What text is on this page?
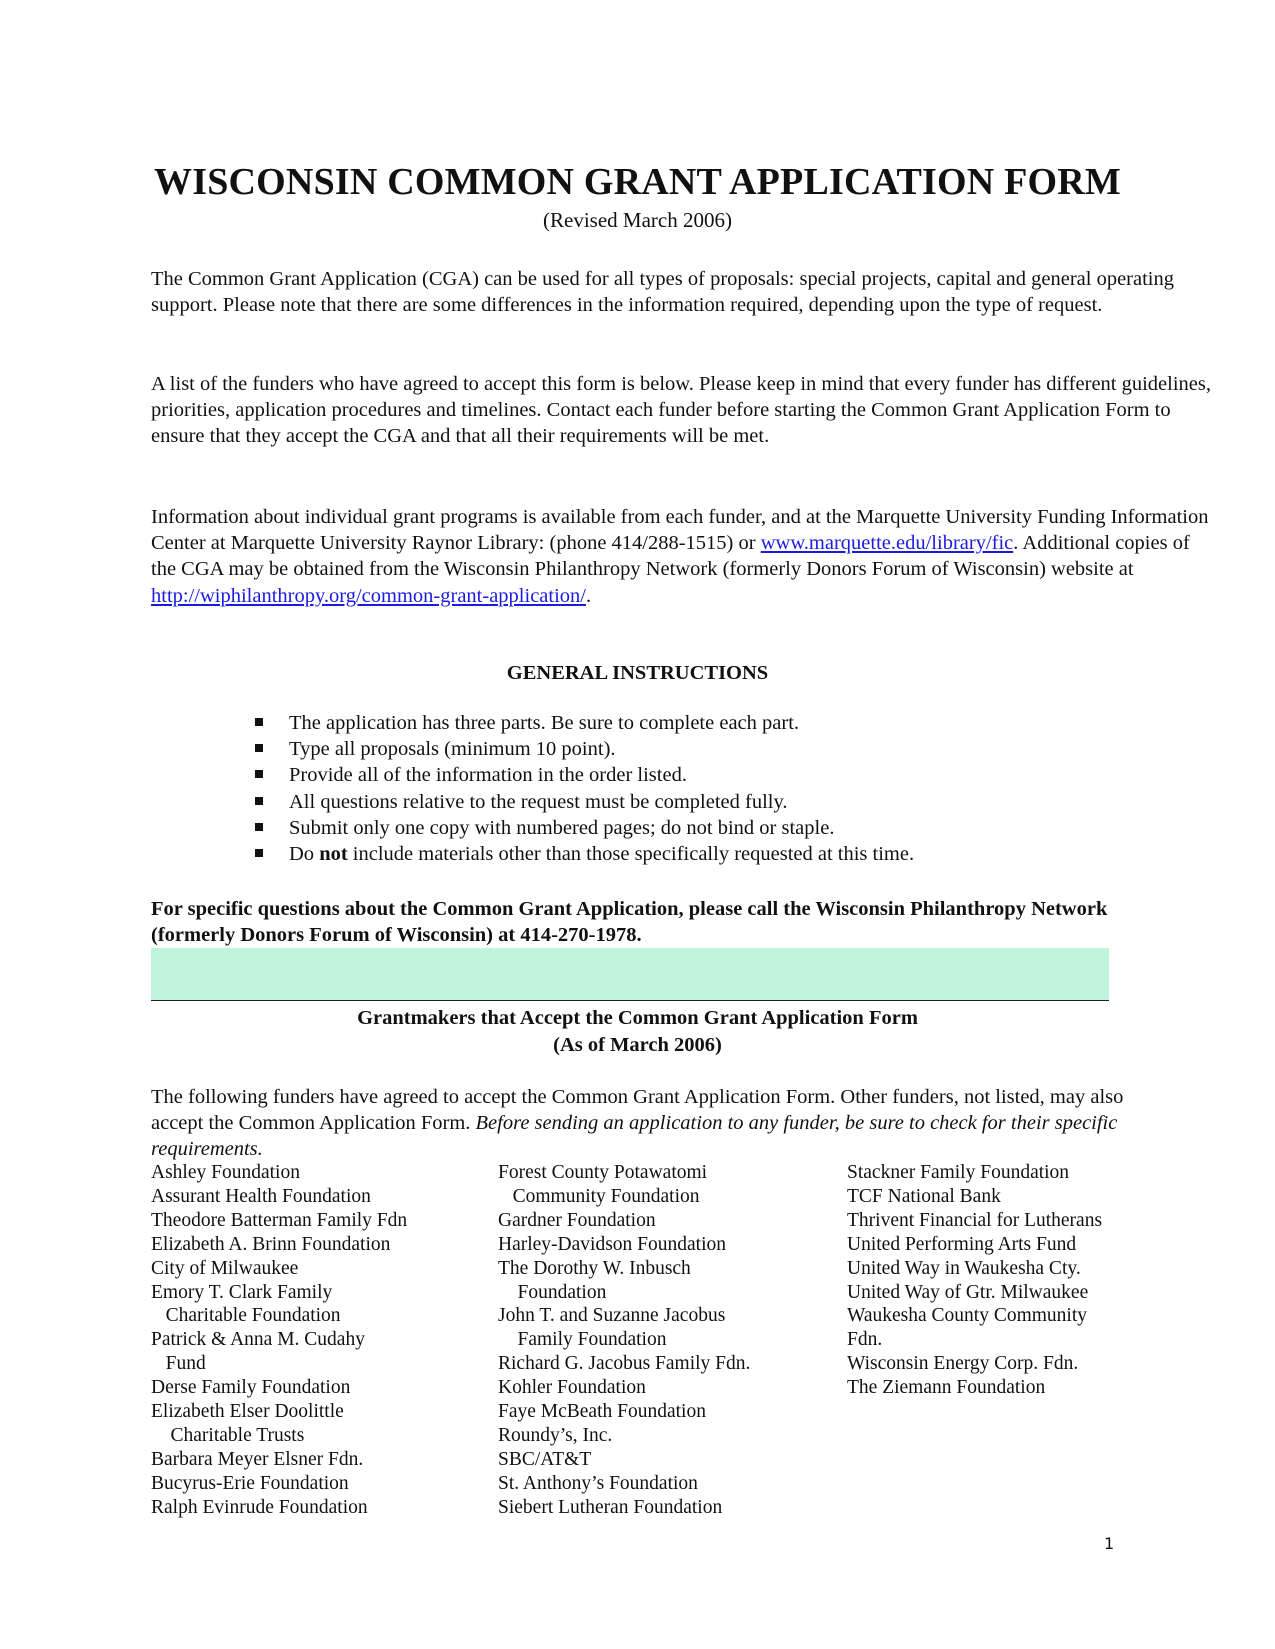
WISCONSIN COMMON GRANT APPLICATION FORM
(Revised March 2006)

The Common Grant Application (CGA) can be used for all types of proposals: special projects, capital and general operating support. Please note that there are some differences in the information required, depending upon the type of request.

A list of the funders who have agreed to accept this form is below. Please keep in mind that every funder has different guidelines, priorities, application procedures and timelines. Contact each funder before starting the Common Grant Application Form to ensure that they accept the CGA and that all their requirements will be met.

Information about individual grant programs is available from each funder, and at the Marquette University Funding Information Center at Marquette University Raynor Library: (phone 414/288-1515) or www.marquette.edu/library/fic. Additional copies of the CGA may be obtained from the Wisconsin Philanthropy Network (formerly Donors Forum of Wisconsin) website at http://wiphilanthropy.org/common-grant-application/.

GENERAL INSTRUCTIONS
The application has three parts. Be sure to complete each part.
Type all proposals (minimum 10 point).
Provide all of the information in the order listed.
All questions relative to the request must be completed fully.
Submit only one copy with numbered pages; do not bind or staple.
Do not include materials other than those specifically requested at this time.
For specific questions about the Common Grant Application, please call the Wisconsin Philanthropy Network (formerly Donors Forum of Wisconsin) at 414-270-1978.
Grantmakers that Accept the Common Grant Application Form
(As of March 2006)

The following funders have agreed to accept the Common Grant Application Form. Other funders, not listed, may also accept the Common Application Form. Before sending an application to any funder, be sure to check for their specific requirements.

Ashley Foundation
Assurant Health Foundation
Theodore Batterman Family Fdn
Elizabeth A. Brinn Foundation
City of Milwaukee
Emory T. Clark Family
Charitable Foundation
Patrick & Anna M. Cudahy
Fund
Derse Family Foundation
Elizabeth Elser Doolittle
Charitable Trusts
Barbara Meyer Elsner Fdn.
Bucyrus-Erie Foundation
Ralph Evinrude Foundation
Forest County Potawatomi
Community Foundation
Gardner Foundation
Harley-Davidson Foundation
The Dorothy W. Inbusch
Foundation
John T. and Suzanne Jacobus
Family Foundation
Richard G. Jacobus Family Fdn.
Kohler Foundation
Faye McBeath Foundation
Roundy’s, Inc.
SBC/AT&T
St. Anthony’s Foundation
Siebert Lutheran Foundation
Stackner Family Foundation
TCF National Bank
Thrivent Financial for Lutherans
United Performing Arts Fund
United Way in Waukesha Cty.
United Way of Gtr. Milwaukee
Waukesha County Community
Fdn.
Wisconsin Energy Corp. Fdn.
The Ziemann Foundation
1
